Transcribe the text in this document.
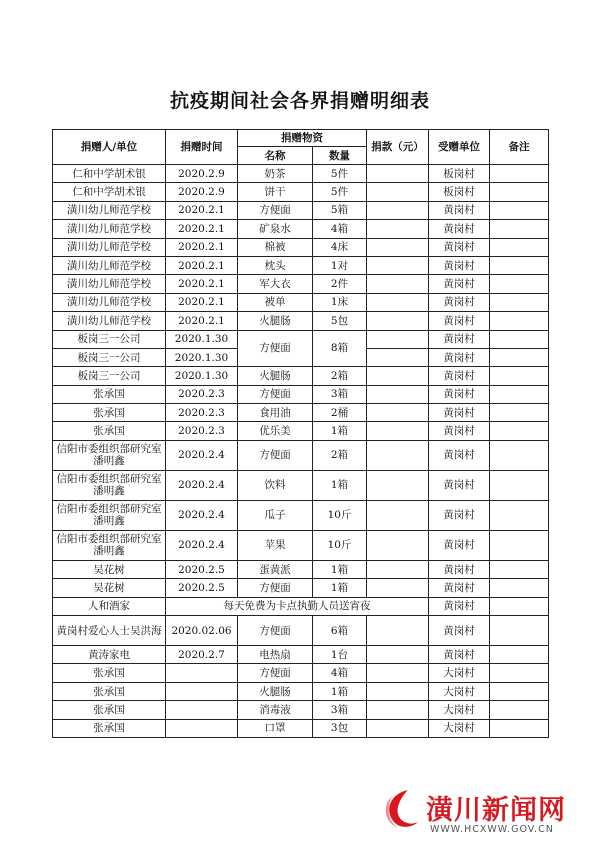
抗疫期间社会各界捐赠明细表
捐赠人/单位	捐赠时间	捐赠物资		捐款（元）	受赠单位	备注
		名称	数量			
仁和中学胡术银	2020.2.9	奶茶	5件		板岗村	
仁和中学胡术银	2020.2.9	饼干	5件		板岗村	
潢川幼儿师范学校	2020.2.1	方便面	5箱		黄岗村	
潢川幼儿师范学校	2020.2.1	矿泉水	4箱		黄岗村	
潢川幼儿师范学校	2020.2.1	棉被	4床		黄岗村	
潢川幼儿师范学校	2020.2.1	枕头	1对		黄岗村	
潢川幼儿师范学校	2020.2.1	军大衣	2件		黄岗村	
潢川幼儿师范学校	2020.2.1	被单	1床		黄岗村	
潢川幼儿师范学校	2020.2.1	火腿肠	5包		黄岗村	
板岗三一公司	2020.1.30	方便面	8箱		黄岗村	
板岗三一公司	2020.1.30				黄岗村	
板岗三一公司	2020.1.30	火腿肠	2箱		黄岗村	
张承国	2020.2.3	方便面	3箱		黄岗村	
张承国	2020.2.3	食用油	2桶		黄岗村	
张承国	2020.2.3	优乐美	1箱		黄岗村	
信阳市委组织部研究室潘明鑫	2020.2.4	方便面	2箱		黄岗村	
信阳市委组织部研究室潘明鑫	2020.2.4	饮料	1箱		黄岗村	
信阳市委组织部研究室潘明鑫	2020.2.4	瓜子	10斤		黄岗村	
信阳市委组织部研究室潘明鑫	2020.2.4	苹果	10斤		黄岗村	
吴花树	2020.2.5	蛋黄派	1箱		黄岗村	
吴花树	2020.2.5	方便面	1箱		黄岗村	
人和酒家	每天免费为卡点执勤人员送宵夜				黄岗村	
黄岗村爱心人士吴洪海	2020.02.06	方便面	6箱		黄岗村	
黄涛家电	2020.2.7	电热扇	1台		黄岗村	
张承国		方便面	4箱		大岗村	
张承国		火腿肠	1箱		大岗村	
张承国		消毒液	3箱		大岗村	
张承国		口罩	3包		大岗村	
潢川新闻网
WWW.HCXWW.GOV.CN
